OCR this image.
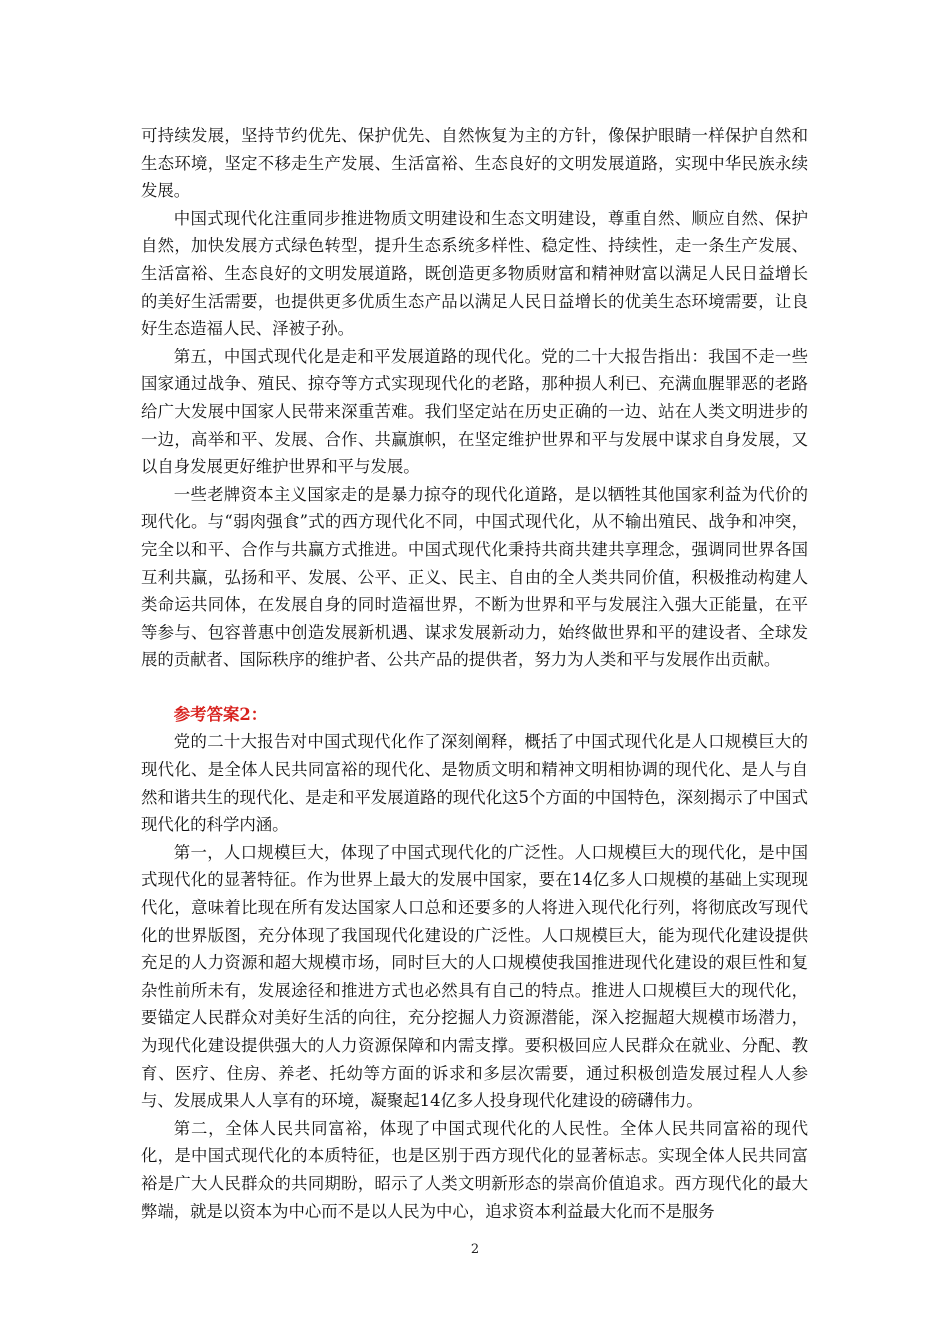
可持续发展，坚持节约优先、保护优先、自然恢复为主的方针，像保护眼睛一样保护自然和生态环境，坚定不移走生产发展、生活富裕、生态良好的文明发展道路，实现中华民族永续发展。

中国式现代化注重同步推进物质文明建设和生态文明建设，尊重自然、顺应自然、保护自然，加快发展方式绿色转型，提升生态系统多样性、稳定性、持续性，走一条生产发展、生活富裕、生态良好的文明发展道路，既创造更多物质财富和精神财富以满足人民日益增长的美好生活需要，也提供更多优质生态产品以满足人民日益增长的优美生态环境需要，让良好生态造福人民、泽被子孙。

第五，中国式现代化是走和平发展道路的现代化。党的二十大报告指出：我国不走一些国家通过战争、殖民、掠夺等方式实现现代化的老路，那种损人利已、充满血腥罪恶的老路给广大发展中国家人民带来深重苦难。我们坚定站在历史正确的一边、站在人类文明进步的一边，高举和平、发展、合作、共赢旗帜，在坚定维护世界和平与发展中谋求自身发展，又以自身发展更好维护世界和平与发展。

一些老牌资本主义国家走的是暴力掠夺的现代化道路，是以牺牲其他国家利益为代价的现代化。与“弱肉强食”式的西方现代化不同，中国式现代化，从不输出殖民、战争和冲突，完全以和平、合作与共赢方式推进。中国式现代化秉持共商共建共享理念，强调同世界各国互利共赢，弘扬和平、发展、公平、正义、民主、自由的全人类共同价值，积极推动构建人类命运共同体，在发展自身的同时造福世界，不断为世界和平与发展注入强大正能量，在平等参与、包容普惠中创造发展新机遇、谋求发展新动力，始终做世界和平的建设者、全球发展的贡献者、国际秩序的维护者、公共产品的提供者，努力为人类和平与发展作出贡献。

参考答案2：

党的二十大报告对中国式现代化作了深刻阐释，概括了中国式现代化是人口规模巨大的现代化、是全体人民共同富裕的现代化、是物质文明和精神文明相协调的现代化、是人与自然和谐共生的现代化、是走和平发展道路的现代化这5个方面的中国特色，深刻揭示了中国式现代化的科学内涵。

第一，人口规模巨大，体现了中国式现代化的广泛性。人口规模巨大的现代化，是中国式现代化的显著特征。作为世界上最大的发展中国家，要在14亿多人口规模的基础上实现现代化，意味着比现在所有发达国家人口总和还要多的人将进入现代化行列，将彻底改写现代化的世界版图，充分体现了我国现代化建设的广泛性。人口规模巨大，能为现代化建设提供充足的人力资源和超大规模市场，同时巨大的人口规模使我国推进现代化建设的艰巨性和复杂性前所未有，发展途径和推进方式也必然具有自己的特点。推进人口规模巨大的现代化，要锚定人民群众对美好生活的向往，充分挖掘人力资源潜能，深入挖掘超大规模市场潜力，为现代化建设提供强大的人力资源保障和内需支撑。要积极回应人民群众在就业、分配、教育、医疗、住房、养老、托幼等方面的诉求和多层次需要，通过积极创造发展过程人人参与、发展成果人人享有的环境，凝聚起14亿多人投身现代化建设的磅礴伟力。

第二，全体人民共同富裕，体现了中国式现代化的人民性。全体人民共同富裕的现代化，是中国式现代化的本质特征，也是区别于西方现代化的显著标志。实现全体人民共同富裕是广大人民群众的共同期盼，昭示了人类文明新形态的崇高价值追求。西方现代化的最大弊端，就是以资本为中心而不是以人民为中心，追求资本利益最大化而不是服务

2
